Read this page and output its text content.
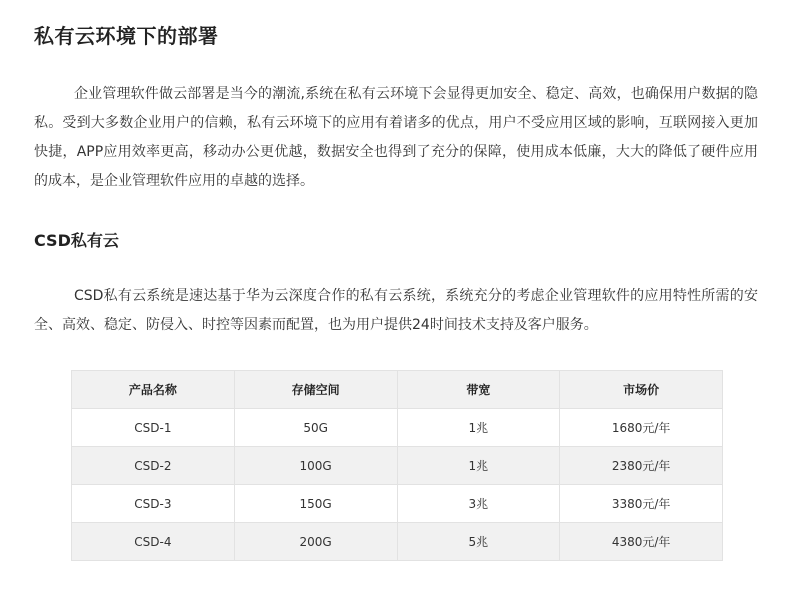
私有云环境下的部署

企业管理软件做云部署是当今的潮流,系统在私有云环境下会显得更加安全、稳定、高效，也确保用户数据的隐私。受到大多数企业用户的信赖，私有云环境下的应用有着诸多的优点，用户不受应用区域的影响，互联网接入更加快捷，APP应用效率更高，移动办公更优越，数据安全也得到了充分的保障，使用成本低廉，大大的降低了硬件应用的成本，是企业管理软件应用的卓越的选择。

CSD私有云

CSD私有云系统是速达基于华为云深度合作的私有云系统，系统充分的考虑企业管理软件的应用特性所需的安全、高效、稳定、防侵入、时控等因素而配置，也为用户提供24时间技术支持及客户服务。

产品名称	存储空间	带宽	市场价
CSD-1	50G	1兆	1680元/年
CSD-2	100G	1兆	2380元/年
CSD-3	150G	3兆	3380元/年
CSD-4	200G	5兆	4380元/年
